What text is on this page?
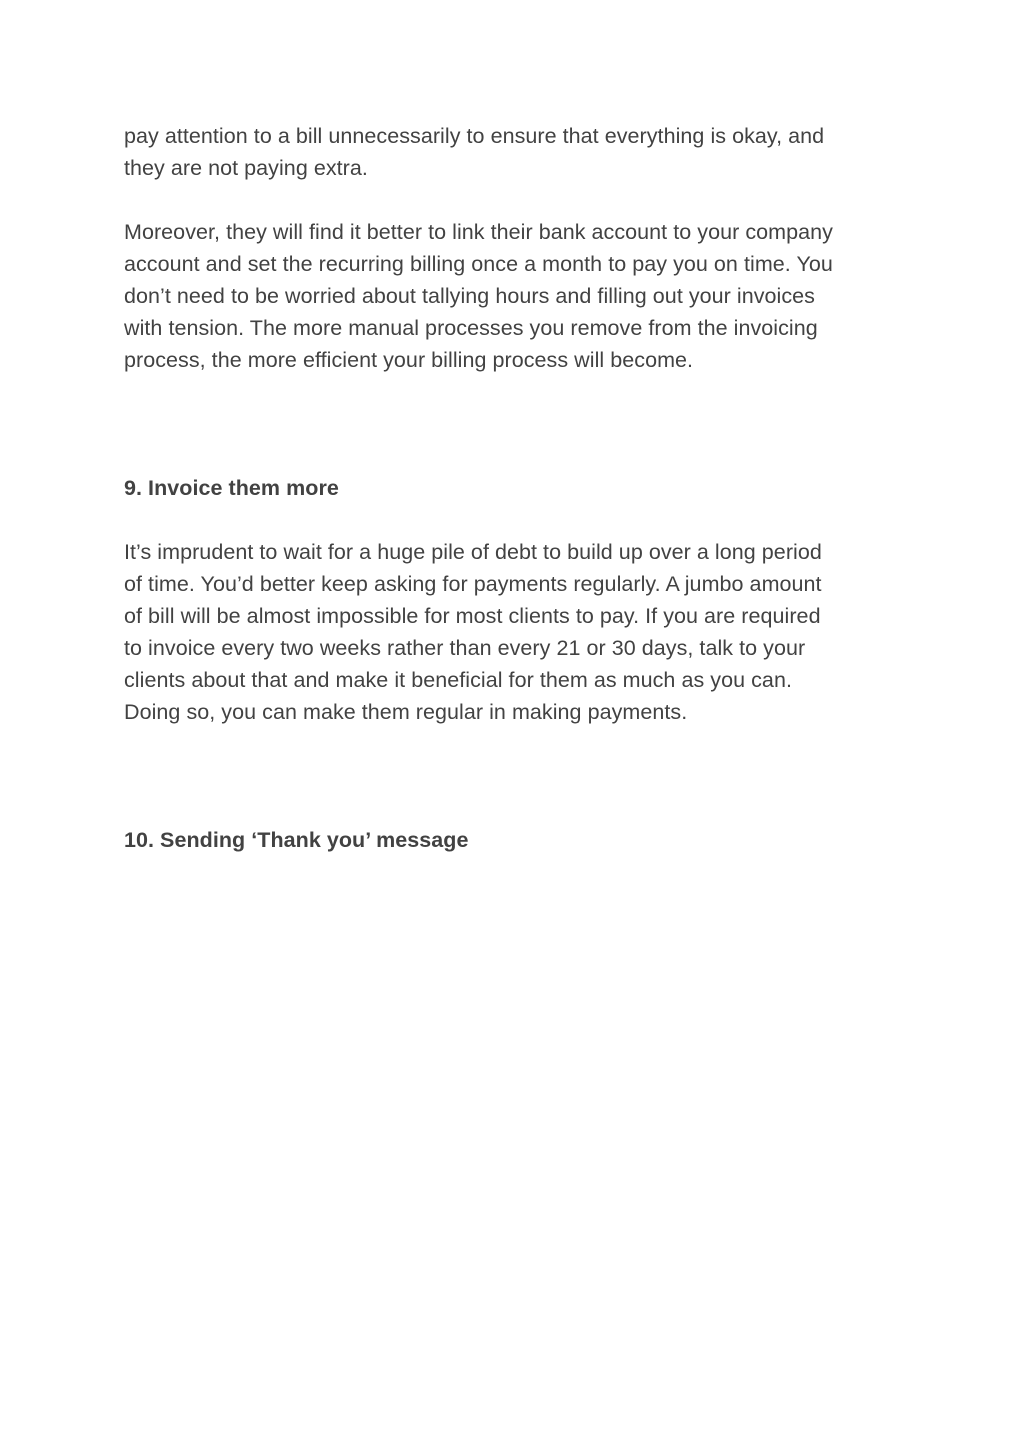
pay attention to a bill unnecessarily to ensure that everything is okay, and
they are not paying extra.
Moreover, they will find it better to link their bank account to your company
account and set the recurring billing once a month to pay you on time. You
don’t need to be worried about tallying hours and filling out your invoices
with tension. The more manual processes you remove from the invoicing
process, the more efficient your billing process will become.
9. Invoice them more
It’s imprudent to wait for a huge pile of debt to build up over a long period
of time. You’d better keep asking for payments regularly. A jumbo amount
of bill will be almost impossible for most clients to pay. If you are required
to invoice every two weeks rather than every 21 or 30 days, talk to your
clients about that and make it beneficial for them as much as you can.
Doing so, you can make them regular in making payments.
10. Sending ‘Thank you’ message
